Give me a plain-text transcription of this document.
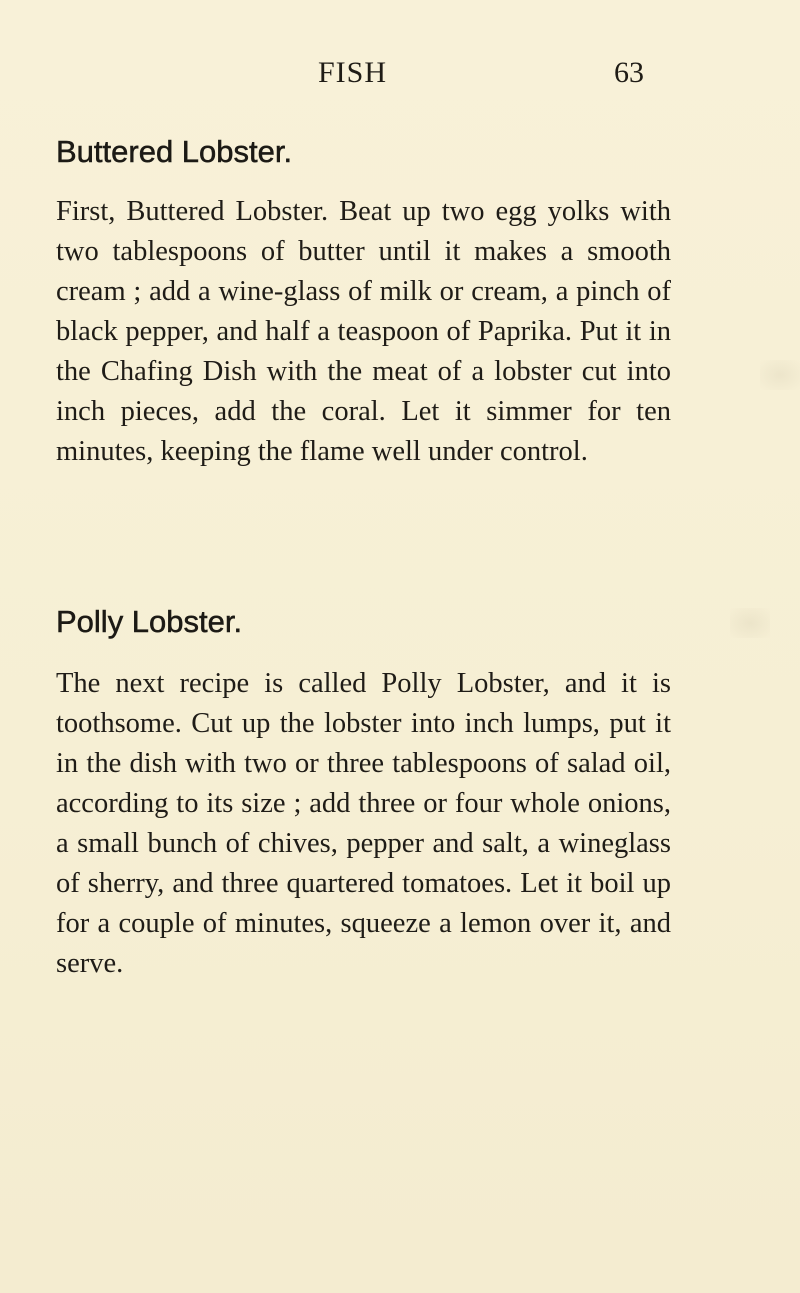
FISH	63
Buttered Lobster.

First, Buttered Lobster. Beat up two egg yolks with two tablespoons of butter until it makes a smooth cream ; add a wine-glass of milk or cream, a pinch of black pepper, and half a teaspoon of Paprika. Put it in the Chafing Dish with the meat of a lobster cut into inch pieces, add the coral. Let it simmer for ten minutes, keeping the flame well under control.

Polly Lobster.

The next recipe is called Polly Lobster, and it is toothsome. Cut up the lobster into inch lumps, put it in the dish with two or three tablespoons of salad oil, according to its size ; add three or four whole onions, a small bunch of chives, pepper and salt, a wineglass of sherry, and three quartered tomatoes. Let it boil up for a couple of minutes, squeeze a lemon over it, and serve.
